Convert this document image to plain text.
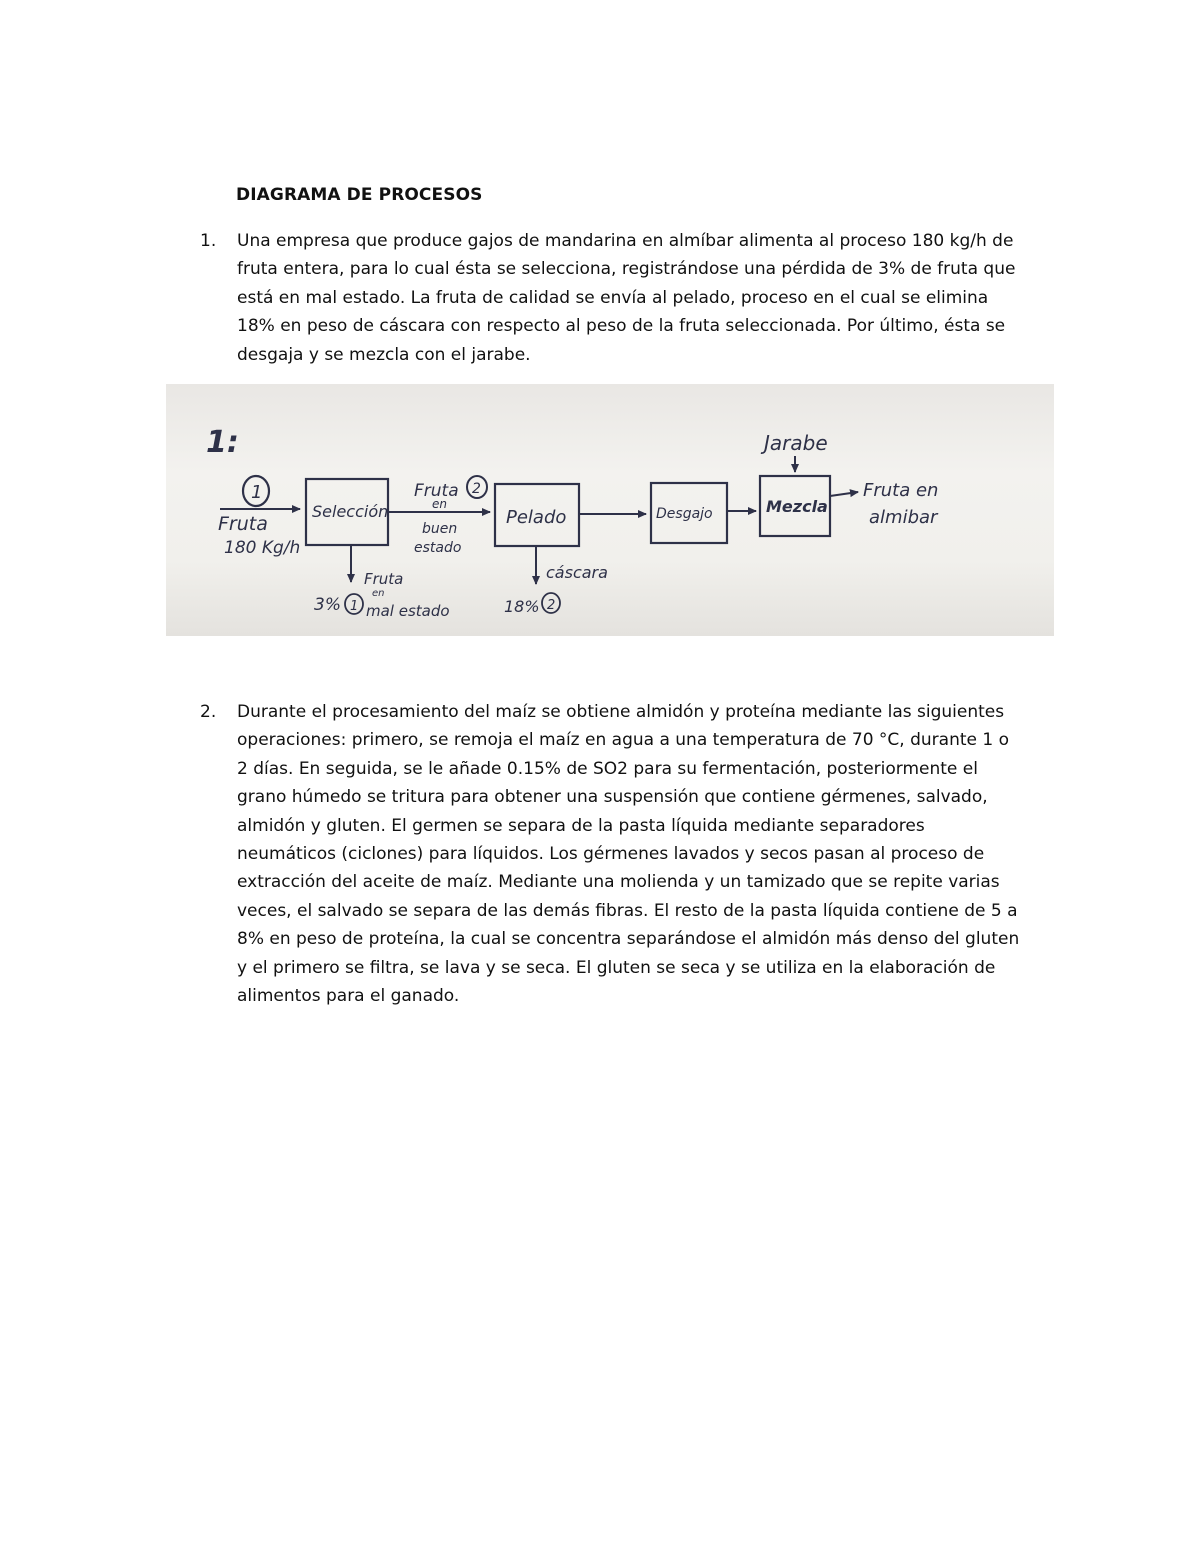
DIAGRAMA DE PROCESOS
1.	Una empresa que produce gajos de mandarina en almíbar alimenta al proceso 180 kg/h de
fruta entera, para lo cual ésta se selecciona, registrándose una pérdida de 3% de fruta que
está en mal estado. La fruta de calidad se envía al pelado, proceso en el cual se elimina
18% en peso de cáscara con respecto al peso de la fruta seleccionada. Por último, ésta se
desgaja y se mezcla con el jarabe.
1:
1
Fruta
180 Kg/h
Selección
Fruta 2
en
buen
estado
Pelado	Desgajo
Jarabe
Mezcla
Fruta en
almibar
Fruta
en
mal estado
3% 1
cáscara
18% 2
2.	Durante el procesamiento del maíz se obtiene almidón y proteína mediante las siguientes
operaciones: primero, se remoja el maíz en agua a una temperatura de 70 °C, durante 1 o
2 días. En seguida, se le añade 0.15% de SO2 para su fermentación, posteriormente el
grano húmedo se tritura para obtener una suspensión que contiene gérmenes, salvado,
almidón y gluten. El germen se separa de la pasta líquida mediante separadores
neumáticos (ciclones) para líquidos. Los gérmenes lavados y secos pasan al proceso de
extracción del aceite de maíz. Mediante una molienda y un tamizado que se repite varias
veces, el salvado se separa de las demás fibras. El resto de la pasta líquida contiene de 5 a
8% en peso de proteína, la cual se concentra separándose el almidón más denso del gluten
y el primero se filtra, se lava y se seca. El gluten se seca y se utiliza en la elaboración de
alimentos para el ganado.
